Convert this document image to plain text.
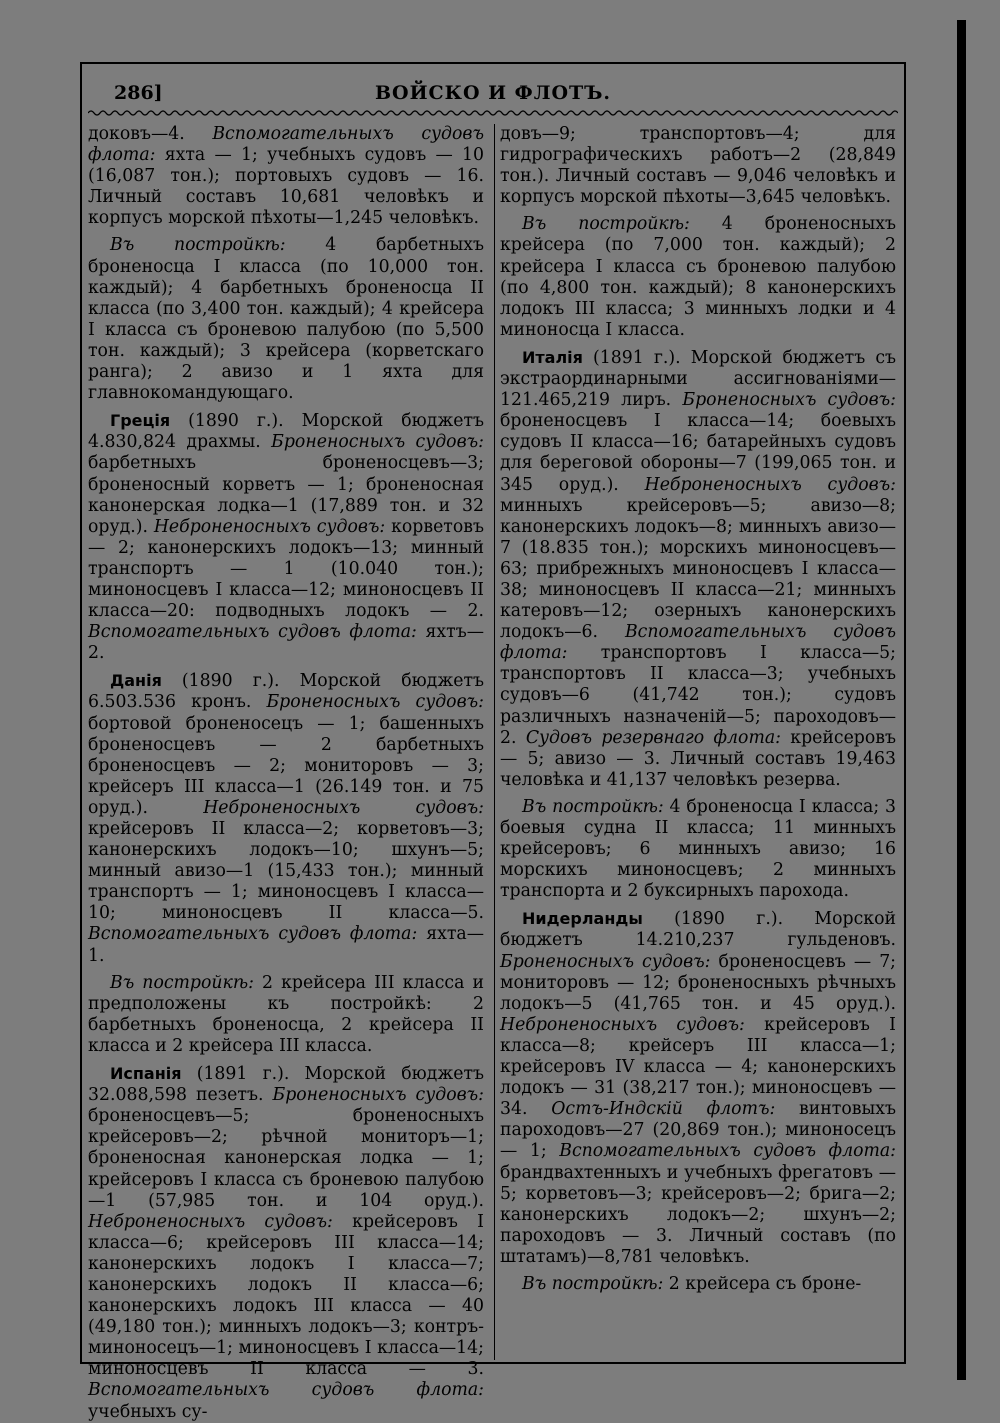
286]	ВОЙСКО И ФЛОТЪ.

доковъ—4. Вспомогательныхъ судовъ флота: яхта — 1; учебныхъ судовъ — 10 (16,087 тон.); портовыхъ судовъ — 16. Личный составъ 10,681 человѣкъ и корпусъ морской пѣхоты—1,245 человѣкъ.

Въ постройкѣ: 4 барбетныхъ броненосца I класса (по 10,000 тон. каждый); 4 барбетныхъ броненосца II класса (по 3,400 тон. каждый); 4 крейсера I класса съ броневою палубою (по 5,500 тон. каждый); 3 крейсера (корветскаго ранга); 2 авизо и 1 яхта для главнокомандующаго.

Греція (1890 г.). Морской бюджетъ 4.830,824 драхмы. Броненосныхъ судовъ: барбетныхъ броненосцевъ—3; броненосный корветъ — 1; броненосная канонерская лодка—1 (17,889 тон. и 32 оруд.). Неброненосныхъ судовъ: корветовъ — 2; канонерскихъ лодокъ—13; минный транспортъ — 1 (10.040 тон.); миноносцевъ I класса—12; миноносцевъ II класса—20: подводныхъ лодокъ — 2. Вспомогательныхъ судовъ флота: яхтъ—2.

Данія (1890 г.). Морской бюджетъ 6.503.536 кронъ. Броненосныхъ судовъ: бортовой броненосецъ — 1; башенныхъ броненосцевъ — 2 барбетныхъ броненосцевъ — 2; мониторовъ — 3; крейсеръ III класса—1 (26.149 тон. и 75 оруд.). Неброненосныхъ судовъ: крейсеровъ II класса—2; корветовъ—3; канонерскихъ лодокъ—10; шхунъ—5; минный авизо—1 (15,433 тон.); минный транспортъ — 1; миноносцевъ I класса—10; миноносцевъ II класса—5. Вспомогательныхъ судовъ флота: яхта—1.

Въ постройкѣ: 2 крейсера III класса и предположены къ постройкѣ: 2 барбетныхъ броненосца, 2 крейсера II класса и 2 крейсера III класса.

Испанія (1891 г.). Морской бюджетъ 32.088,598 пезетъ. Броненосныхъ судовъ: броненосцевъ—5; броненосныхъ крейсеровъ—2; рѣчной мониторъ—1; броненосная канонерская лодка — 1; крейсеровъ I класса съ броневою палубою—1 (57,985 тон. и 104 оруд.). Неброненосныхъ судовъ: крейсеровъ I класса—6; крейсеровъ III класса—14; канонерскихъ лодокъ I класса—7; канонерскихъ лодокъ II класса—6; канонерскихъ лодокъ III класса — 40 (49,180 тон.); минныхъ лодокъ—3; контръ-миноносецъ—1; миноносцевъ I класса—14; миноносцевъ II класса — 3. Вспомогательныхъ судовъ флота: учебныхъ су-

довъ—9; транспортовъ—4; для гидрографическихъ работъ—2 (28,849 тон.). Личный составъ — 9,046 человѣкъ и корпусъ морской пѣхоты—3,645 человѣкъ.

Въ постройкѣ: 4 броненосныхъ крейсера (по 7,000 тон. каждый); 2 крейсера I класса съ броневою палубою (по 4,800 тон. каждый); 8 канонерскихъ лодокъ III класса; 3 минныхъ лодки и 4 миноносца I класса.

Италія (1891 г.). Морской бюджетъ съ экстраординарными ассигнованіями—121.465,219 лиръ. Броненосныхъ судовъ: броненосцевъ I класса—14; боевыхъ судовъ II класса—16; батарейныхъ судовъ для береговой обороны—7 (199,065 тон. и 345 оруд.). Неброненосныхъ судовъ: минныхъ крейсеровъ—5; авизо—8; канонерскихъ лодокъ—8; минныхъ авизо—7 (18.835 тон.); морскихъ миноносцевъ—63; прибрежныхъ миноносцевъ I класса—38; миноносцевъ II класса—21; минныхъ катеровъ—12; озерныхъ канонерскихъ лодокъ—6. Вспомогательныхъ судовъ флота: транспортовъ I класса—5; транспортовъ II класса—3; учебныхъ судовъ—6 (41,742 тон.); судовъ различныхъ назначеній—5; пароходовъ—2. Судовъ резервнаго флота: крейсеровъ — 5; авизо — 3. Личный составъ 19,463 человѣка и 41,137 человѣкъ резерва.

Въ постройкѣ: 4 броненосца I класса; 3 боевыя судна II класса; 11 минныхъ крейсеровъ; 6 минныхъ авизо; 16 морскихъ миноносцевъ; 2 минныхъ транспорта и 2 буксирныхъ парохода.

Нидерланды (1890 г.). Морской бюджетъ 14.210,237 гульденовъ. Броненосныхъ судовъ: броненосцевъ — 7; мониторовъ — 12; броненосныхъ рѣчныхъ лодокъ—5 (41,765 тон. и 45 оруд.). Неброненосныхъ судовъ: крейсеровъ I класса—8; крейсеръ III класса—1; крейсеровъ IV класса — 4; канонерскихъ лодокъ — 31 (38,217 тон.); миноносцевъ — 34. Остъ-Индскій флотъ: винтовыхъ пароходовъ—27 (20,869 тон.); миноносецъ — 1; Вспомогательныхъ судовъ флота: брандвахтенныхъ и учебныхъ фрегатовъ — 5; корветовъ—3; крейсеровъ—2; брига—2; канонерскихъ лодокъ—2; шхунъ—2; пароходовъ — 3. Личный составъ (по штатамъ)—8,781 человѣкъ.

Въ постройкѣ: 2 крейсера съ броне-
